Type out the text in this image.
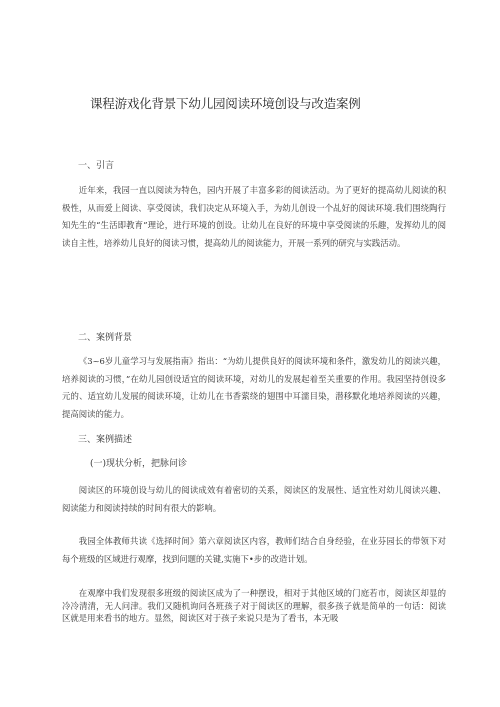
课程游戏化背景下幼儿园阅读环境创设与改造案例
一、引言

近年来，我园一直以阅读为特色，园内开展了丰富多彩的阅读活动。为了更好的提高幼儿阅读的积极性，从而爱上阅读、享受阅读，我们决定从环境入手，为幼儿创设一个乩好的阅读环境.我们围绕陶行知先生的“生活即教育”理论，进行环境的创设。让幼儿在良好的环境中享受阅读的乐趣，发挥幼儿的阅读自主性，培养幼儿良好的阅读习惯，提高幼儿的阅读能力，开展一系列的研究与实践活动。

二、案例背景

《3~6岁儿童学习与发展指南》指出：“为幼儿提供良好的阅读环境和条件，激发幼儿的阅读兴趣，培养阅读的习惯，”在幼儿园创设适宜的阅读环境，对幼儿的发展起着至关重要的作用。我园坚持创设多元的、适宜幼儿发展的阅读环境，让幼儿在书香萦绕的翅围中耳濡目染，潜移默化地培养阅读的兴趣，提高阅读的能力。

三、案例描述
(一)现状分析，把脉问诊

阅读区的环境创设与幼儿的阅读成效有着密切的关系，阅读区的发展性、适宜性对幼儿阅读兴趣、阅读能力和阅读持续的时间有很大的影响。

我园全体教师共读《选择时间》第六章阅读区内容，教师们结合自身经验，在业芬园长的带领下对每个班级的区域进行观摩，找到问题的关键,实施下•步的改造计划。

在观摩中我们发现很多班级的阅读区成为了一种摆设，相对于其他区域的门庭若市，阅读区却显的冷冷清清，无人问津。我们又随机询问各班孩子对于阅读区的理解，很多孩子就是简单的一句话：阅读区就是用来看书的地方。显然，阅读区对于孩子来说只是为了看书，本无吸
